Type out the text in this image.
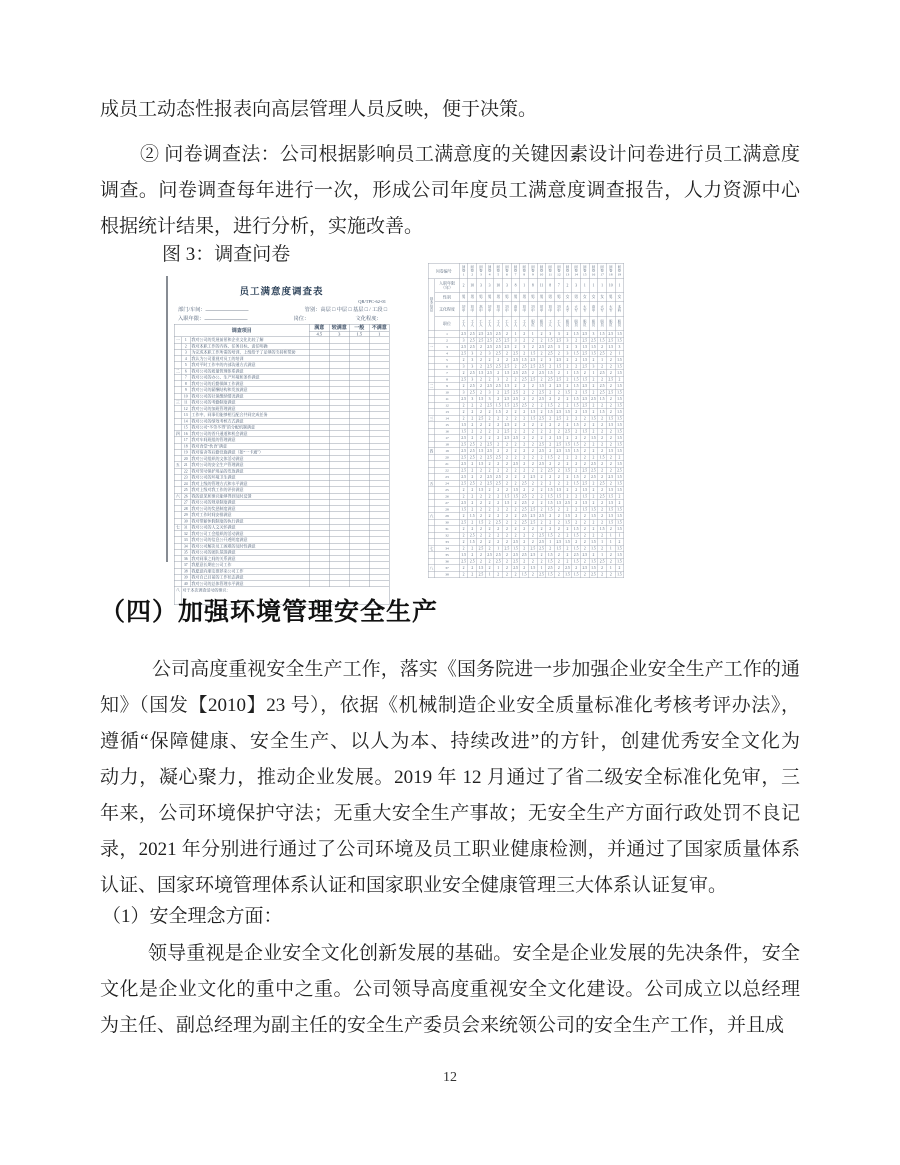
成员工动态性报表向高层管理人员反映，便于决策。
② 问卷调查法：公司根据影响员工满意度的关键因素设计问卷进行员工满意度
调查。问卷调查每年进行一次，形成公司年度员工满意度调查报告，人力资源中心
根据统计结果，进行分析，实施改善。
图 3：调查问卷
员工满意度调查表
QR/TPC-62-01
部门/车间：	管别：高层 □ 中层 □ 基层 □ / 工段 □
入职年限：	岗位：	文化程度：
调查项目			满意	较满意	一般	不满意
			4.5	3	1.5	1
一	1	我对公司的发展前景和企业文化比较了解				
	2	我对本职工作的内容、任务目标、责任明确				
	3	为完成本职工作所需的培训，上级给予了足够的支持和帮助				
	4	我认为公司重视对员工的培训				
	5	我对平时工作中的内部沟通方式满意				
二	6	我对公司的质量管理体系满意				
	7	我对公司的办公、生产环境和条件满意				
	8	我对公司的后勤保障工作满意				
	9	我对公司的薪酬结构和发放满意				
	10	我对公司的社保缴纳情况满意				
三	11	我对公司的考勤制度满意				
	12	我对公司的加班管理满意				
	13	工作中，同事们能够相互配合共同完成任务				
	14	我对公司的绩效考核方式满意				
	15	我对公司“多劳多得”的分配机制满意				
四	16	我对公司的晋升通道和机会满意				
	17	我对车间班组的管理满意				
	18	我对食堂“伙食”满意				
	19	我对宿舍等后勤设施满意（如“一卡通”）				
	20	我对公司组织的文体活动满意				
五	21	我对公司的安全生产管理满意				
	22	我对劳动保护用品的发放满意				
	23	我对公司的环境卫生满意				
	24	我对上级的管理方式和水平满意				
	25	我对上级对我工作的评价满意				
六	26	我的意见和建议能够得到及时反馈				
	27	我对公司的规章制度满意				
	28	我对公司的奖惩制度满意				
	29	我对工作时间安排满意				
	30	我对带薪休假制度的执行满意				
七	31	我对公司的人文关怀满意				
	32	我对公司工会组织的活动满意				
	33	我对公司的信息公开透明度满意				
	34	我对公司解决员工困难的及时性满意				
	35	我对公司的团队氛围满意				
	36	我对同事之间的关系满意				
	37	我愿意长期在公司工作				
	38	我愿意向朋友推荐来公司工作				
	39	我对自己目前的工作状态满意				
	40	我对公司的总体管理水平满意				
八	对于本次调查活动的建议：					
问卷编号		问卷1	问卷2	问卷3	问卷4	问卷5	问卷6	问卷7	问卷8	问卷9	问卷10	问卷11	问卷12	问卷13	问卷14	问卷15	问卷16	问卷17	问卷18	问卷19
基本信息	入职年限（年）	2	10	3	3	10	3	8	1	8	11	8	7	2	3	1	1	1	10	1
	性别	男	男	男	男	男	男	男	男	男	男	男	男	女	男	女	女	女	男	女
	文化程度	初中	初中	高中	初中	初中	初中	高中	初中	初中	初中	初中	初中	大专	大专	大专	高中	大专	大专	本科
	职位	工人	工人	工人	工人	工人	工人	工人	工人	职员	职员	工人	工人	职员	职员	职员	职员	职员	职员	职员
	1	2.5	2.5	2.5	2.5	2.5	2	1	2	1	2	3	3	2	1.5	2.5	3	1.5	2.5	1.5
	2	3	2.5	2.5	2.5	2.5	2.5	3	2	2	2	1.5	2.5	3	2	2.5	2.5	1.5	2.5	1.5
一	3	2.5	2.5	2	2.5	2.5	2.5	2	3	2	2.5	2.5	3	2	3	1.5	1.5	2	1.5	3
	4	2.5	3	2	3	2.5	2	2.5	2	1.5	2	2.5	2	3	1.5	2.5	1.5	2.5	2	1
	5	2	3	2	2	2	2	2.5	1.5	2.5	2	3	2.5	2	2	1.5	2	1	2	1.5
	6	3	3	2	2.5	2.5	2.5	2	2.5	2.5	2.5	2	1.5	2	2	2.5	3	2	2	1.5
	7	2	2.5	1.5	2.5	2	1.5	2.5	2.5	2	2.5	1.5	2	1	1.5	2	1	2.5	2	1.5
	8	2.5	3	2	2	3	2	2	2.5	2.5	2	2.5	2.5	2	1.5	1.5	2	2	2.5	2
二	9	2	2.5	2	2.5	2.5	1.5	2	2	2	1.5	2	2.5	2	1.5	2.5	2	2.5	2	1.5
	10	3	2.5	2	3	2	2.5	2.5	2	2	2.5	2	2	1.5	2	1.5	2	2.5	2.5	1.5
	11	2.5	3	1.5	3	2	2.5	2.5	2	2	2.5	2	2	2	1.5	2.5	2.5	1.5	2	1.5
	12	2	2	2	2.5	1.5	1.5	2.5	2.5	2	2	1.5	2	2	1.5	2.5	2	2	2	1.5
	13	2	2	2	2	1.5	2	2	2	1.5	2	1.5	2.5	1.5	2	1.5	2	1.5	2	1.5
三	14	2	2	2.5	2	2	2	2	2	1.5	2.5	2	2.5	2	2	2	1.5	2	1.5	1.5
	15	1.5	2	2	2	2	2.5	2	2	2	2	2	2	2	1.5	2	2	2	1.5	1.5
	16	1.5	2	2	2	2	2.5	2	2	2	2	2	2	2.5	2	1.5	2	2	2	1.5
	17	2.5	2	2	2	2	2.5	2.5	2	2	2	2	1.5	2	2	2	1.5	2	2	1.5
	18	2.5	2.5	2	2.5	2	2	2	2	2	2.5	2	2.5	1.5	1.5	2	2	2	2	1.5
四	19	2.5	2.5	1.5	2.5	2	2	2	2	2	2.5	2	2.5	1.5	1.5	2	2	2	1.5	1.5
	20	2.5	2.5	2	2.5	2.5	2	2	2	2	2	1.5	2	2	2	2	2	1.5	2	2
	21	2.5	2	1.5	2	2	2	2.5	2	2	2.5	2	2	2	2	2	2.5	2	2	1.5
	22	2.5	2	2	2	2	2	2	2	2	2	2.5	2	1.5	2	2.5	2.5	2	2	2.5
	23	2.5	2	2	2.5	2.5	2	2	2	2.5	2	2	2	2	1.5	2	2.5	2	2.5	1.5
五	24	2.5	2.5	2	2.5	2.5	2	2	2.5	2	2	2	2	2	1.5	2.5	2	2.5	2	1.5
	25	2	2	1.5	2	2	2	1.5	2	2	2	1.5	1.5	2	2	1.5	2	2	1.5	1.5
	26	2	2	2	2	2	1.5	1.5	2.5	2	2	1.5	1.5	2	2	1.5	2	2.5	1.5	2
	27	2.5	2	2	2	2	1.5	2	2.5	2	2	1.5	1.5	2.5	2	1.5	2	2	1.5	2
	28	1.5	2	2	2	2	2	2	2.5	2.5	2	1.5	2	2	2	1.5	1.5	2	1.5	1.5
六	29	2	1.5	2	2	2	2	2	2.5	2.5	2.5	2	2	1.5	2	2	1.5	2	1.5	1.5
	30	2.5	2	1.5	2	2.5	2	2	2.5	2.5	2	2	2	1.5	2	2	2	2	1.5	1.5
	31	2	2	2	2	2	2	2	2	2	2	2	2	2	1.5	2	2	1.5	2	1.5
	32	2	2.5	2	2	2	2	2	2	2	2.5	1.5	2	2	1.5	2	2	2	1	1
	33	2	1.5	2	2	2	2	2.5	2	2	2.5	1	2.5	1.5	2	2	1.5	1	1	2
七	34	2	2	2.5	2	1	2.5	1.5	2	2.5	2.5	2	1.5	2	1.5	2	1.5	2	1	1.5
	35	1.5	2	2	2.5	2.5	2	2.5	2.5	2.5	2	1.5	2	2	2.5	2.5	2	1	2	1.5
	36	2.5	2.5	2	2	2.5	2	2.5	2	2	2	1.5	2	2	1.5	2	1.5	2.5	2	1.5
八	37	2	2	1.5	2	1	2	2.5	2	1.5	1	2.5	2	2.5	2	2.5	1.5	2	1	2
	38	2	2	2.5	1	2	2	2	1.5	2	2.5	1.5	2	1.5	1.5	2	2.5	2	2	1.5
（四）加强环境管理安全生产
公司高度重视安全生产工作，落实《国务院进一步加强企业安全生产工作的通
知》（国发【2010】23 号），依据《机械制造企业安全质量标准化考核考评办法》，
遵循“保障健康、安全生产、以人为本、持续改进”的方针，创建优秀安全文化为
动力，凝心聚力，推动企业发展。2019 年 12 月通过了省二级安全标准化免审，三
年来，公司环境保护守法；无重大安全生产事故；无安全生产方面行政处罚不良记
录，2021 年分别进行通过了公司环境及员工职业健康检测，并通过了国家质量体系
认证、国家环境管理体系认证和国家职业安全健康管理三大体系认证复审。
（1）安全理念方面：
领导重视是企业安全文化创新发展的基础。安全是企业发展的先决条件，安全
文化是企业文化的重中之重。公司领导高度重视安全文化建设。公司成立以总经理
为主任、副总经理为副主任的安全生产委员会来统领公司的安全生产工作，并且成
12
